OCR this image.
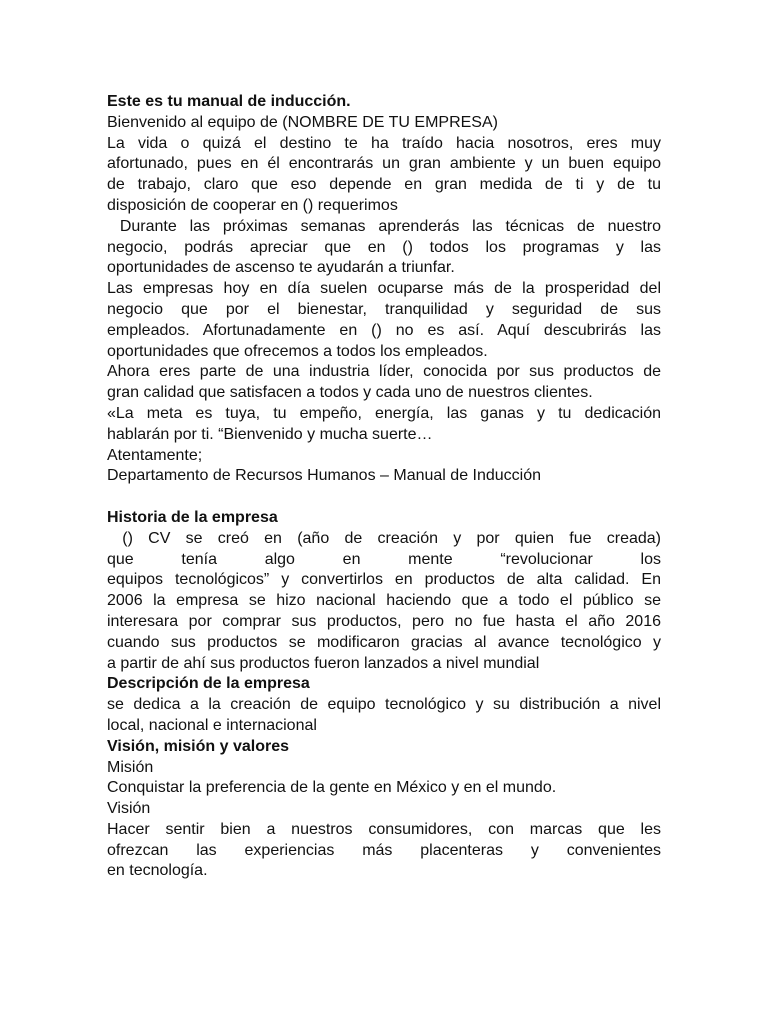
Este es tu manual de inducción.
Bienvenido al equipo de (NOMBRE DE TU EMPRESA)
La vida o quizá el destino te ha traído hacia nosotros, eres muy
afortunado, pues en él encontrarás un gran ambiente y un buen equipo
de trabajo, claro que eso depende en gran medida de ti y de tu
disposición de cooperar en () requerimos
Durante las próximas semanas aprenderás las técnicas de nuestro
negocio, podrás apreciar que en () todos los programas y las
oportunidades de ascenso te ayudarán a triunfar.
Las empresas hoy en día suelen ocuparse más de la prosperidad del
negocio que por el bienestar, tranquilidad y seguridad de sus
empleados. Afortunadamente en () no es así. Aquí descubrirás las
oportunidades que ofrecemos a todos los empleados.
Ahora eres parte de una industria líder, conocida por sus productos de
gran calidad que satisfacen a todos y cada uno de nuestros clientes.
«La meta es tuya, tu empeño, energía, las ganas y tu dedicación
hablarán por ti. “Bienvenido y mucha suerte…
Atentamente;
Departamento de Recursos Humanos – Manual de Inducción
Historia de la empresa
() CV se creó en (año de creación y por quien fue creada)
que tenía algo en mente “revolucionar los
equipos tecnológicos” y convertirlos en productos de alta calidad. En
2006 la empresa se hizo nacional haciendo que a todo el público se
interesara por comprar sus productos, pero no fue hasta el año 2016
cuando sus productos se modificaron gracias al avance tecnológico y
a partir de ahí sus productos fueron lanzados a nivel mundial
Descripción de la empresa
se dedica a la creación de equipo tecnológico y su distribución a nivel
local, nacional e internacional
Visión, misión y valores
Misión
Conquistar la preferencia de la gente en México y en el mundo.
Visión
Hacer sentir bien a nuestros consumidores, con marcas que les
ofrezcan las experiencias más placenteras y convenientes
en tecnología.
